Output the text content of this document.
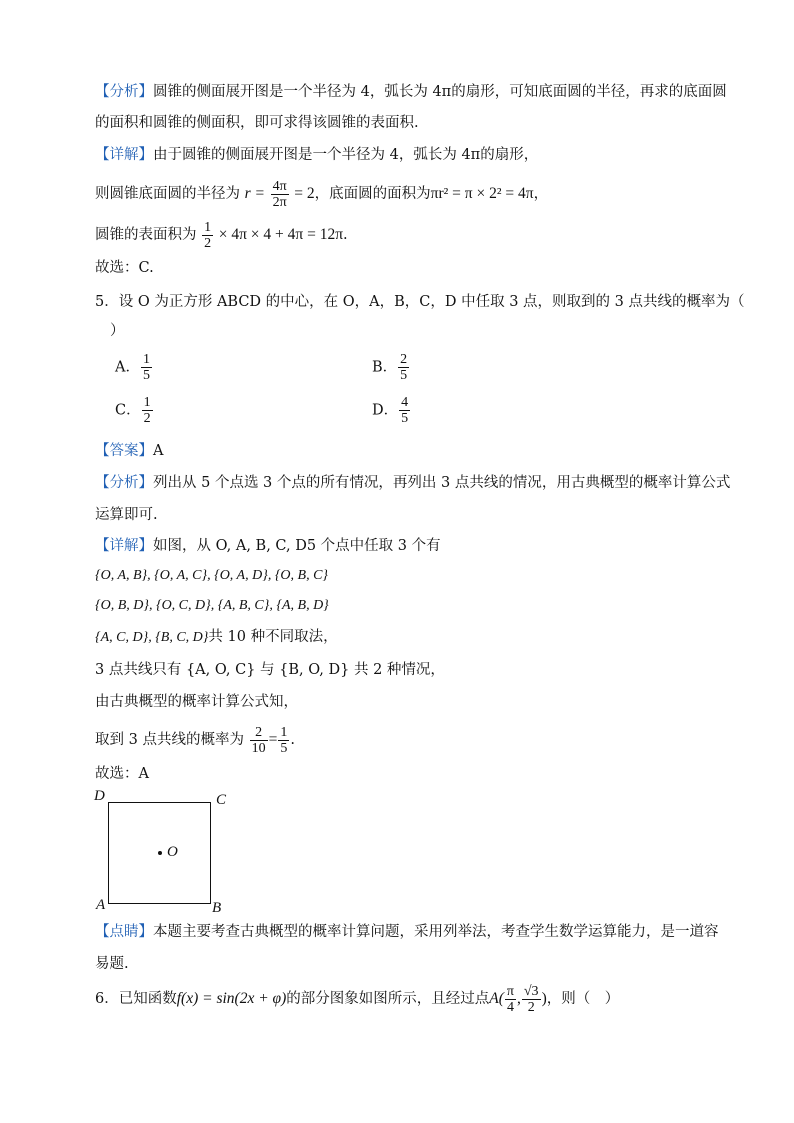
【分析】圆锥的侧面展开图是一个半径为 4，弧长为 4π的扇形，可知底面圆的半径，再求的底面圆
的面积和圆锥的侧面积，即可求得该圆锥的表面积.
【详解】由于圆锥的侧面展开图是一个半径为 4，弧长为 4π的扇形，
则圆锥底面圆的半径为 $r = \frac{4\pi}{2\pi} = 2$，底面圆的面积为πr² = π × 2² = 4π，
圆锥的表面积为 $\frac{1}{2} \times 4\pi \times 4 + 4\pi = 12\pi$.
故选：C.
5．设 O 为正方形 ABCD 的中心，在 O，A，B，C，D 中任取 3 点，则取到的 3 点共线的概率为（
）
A． $\frac{1}{5}$	B． $\frac{2}{5}$
C． $\frac{1}{2}$	D． $\frac{4}{5}$
【答案】A
【分析】列出从 5 个点选 3 个点的所有情况，再列出 3 点共线的情况，用古典概型的概率计算公式
运算即可.
【详解】如图，从 O, A, B, C, D5 个点中任取 3 个有
{O, A, B}, {O, A, C}, {O, A, D}, {O, B, C}
{O, B, D}, {O, C, D}, {A, B, C}, {A, B, D}
{A, C, D}, {B, C, D}共 10 种不同取法，
3 点共线只有 {A, O, C} 与 {B, O, D} 共 2 种情况，
由古典概型的概率计算公式知，
取到 3 点共线的概率为 $\frac{2}{10} = \frac{1}{5}$ .
故选：A
D	C
A	B
O
【点睛】本题主要考查古典概型的概率计算问题，采用列举法，考查学生数学运算能力，是一道容
易题.
6．已知函数f(x) = sin(2x + φ)的部分图象如图所示，且经过点$A( \frac{\pi}{4}$ , $\frac{√3}{2}$ )，则（　）
